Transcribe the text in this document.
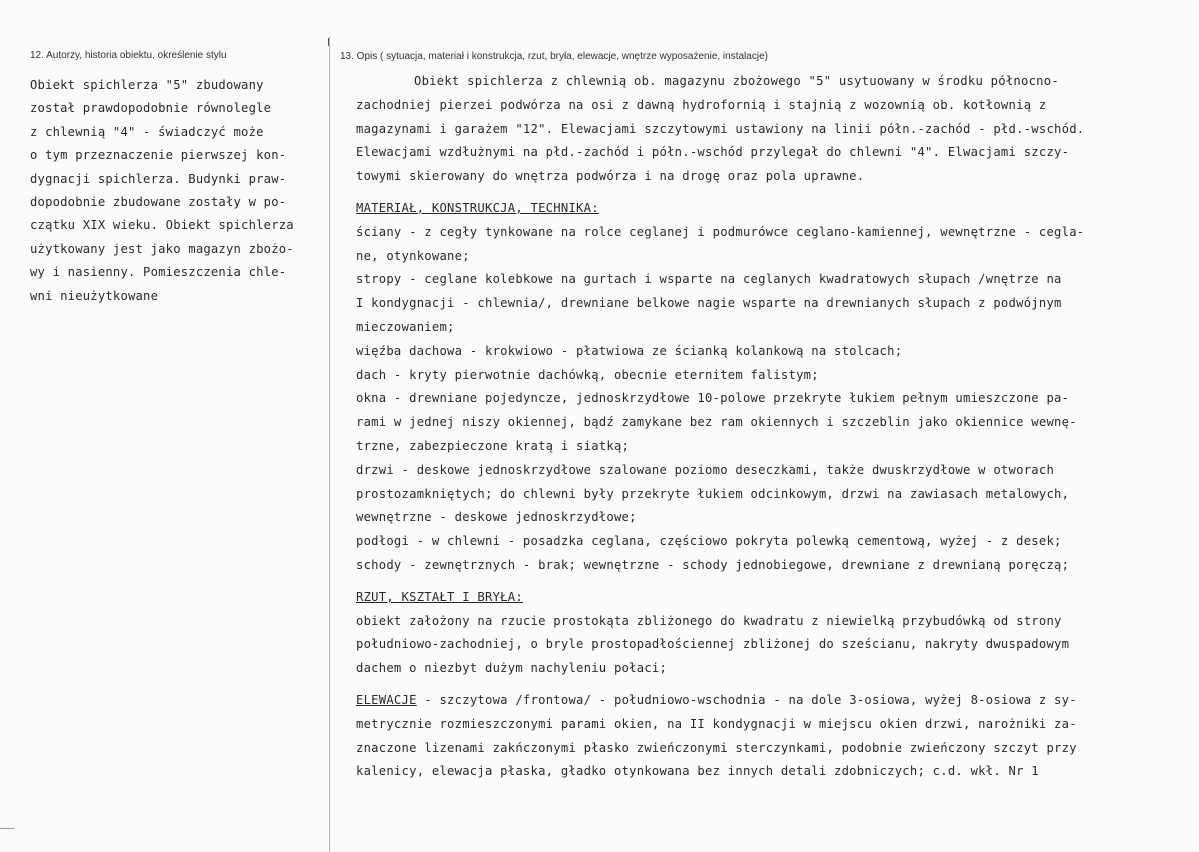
12. Autorzy, historia obiektu, określenie stylu	13. Opis ( sytuacja, materiał i konstrukcja, rzut, bryła, elewacje, wnętrze wyposażenie, instalacje)
Obiekt spichlerza "5" zbudowany
został prawdopodobnie równolegle
z chlewnią "4" - świadczyć może
o tym przeznaczenie pierwszej kon-
dygnacji spichlerza. Budynki praw-
dopodobnie zbudowane zostały w po-
czątku XIX wieku. Obiekt spichlerza
użytkowany jest jako magazyn zbożo-
wy i nasienny. Pomieszczenia chle-
wni nieużytkowane
Obiekt spichlerza z chlewnią ob. magazynu zbożowego "5" usytuowany w środku północno-
zachodniej pierzei podwórza na osi z dawną hydrofornią i stajnią z wozownią ob. kotłownią z
magazynami i garażem "12". Elewacjami szczytowymi ustawiony na linii półn.-zachód - płd.-wschód.
Elewacjami wzdłużnymi na płd.-zachód i półn.-wschód przylegał do chlewni "4". Elwacjami szczy-
towymi skierowany do wnętrza podwórza i na drogę oraz pola uprawne.
MATERIAŁ, KONSTRUKCJA, TECHNIKA:
ściany - z cegły tynkowane na rolce ceglanej i podmurówce ceglano-kamiennej, wewnętrzne - cegla-
ne, otynkowane;
stropy - ceglane kolebkowe na gurtach i wsparte na ceglanych kwadratowych słupach /wnętrze na
I kondygnacji - chlewnia/, drewniane belkowe nagie wsparte na drewnianych słupach z podwójnym
mieczowaniem;
więźba dachowa - krokwiowo - płatwiowa ze ścianką kolankową na stolcach;
dach - kryty pierwotnie dachówką, obecnie eternitem falistym;
okna - drewniane pojedyncze, jednoskrzydłowe 10-polowe przekryte łukiem pełnym umieszczone pa-
rami w jednej niszy okiennej, bądź zamykane bez ram okiennych i szczeblin jako okiennice wewnę-
trzne, zabezpieczone kratą i siatką;
drzwi - deskowe jednoskrzydłowe szalowane poziomo deseczkami, także dwuskrzydłowe w otworach
prostozamkniętych; do chlewni były przekryte łukiem odcinkowym, drzwi na zawiasach metalowych,
wewnętrzne - deskowe jednoskrzydłowe;
podłogi - w chlewni - posadzka ceglana, częściowo pokryta polewką cementową, wyżej - z desek;
schody - zewnętrznych - brak; wewnętrzne - schody jednobiegowe, drewniane z drewnianą poręczą;
RZUT, KSZTAŁT I BRYŁA:
obiekt założony na rzucie prostokąta zbliżonego do kwadratu z niewielką przybudówką od strony
południowo-zachodniej, o bryle prostopadłościennej zbliżonej do sześcianu, nakryty dwuspadowym
dachem o niezbyt dużym nachyleniu połaci;
ELEWACJE - szczytowa /frontowa/ - południowo-wschodnia - na dole 3-osiowa, wyżej 8-osiowa z sy-
metrycznie rozmieszczonymi parami okien, na II kondygnacji w miejscu okien drzwi, narożniki za-
znaczone lizenami zakńczonymi płasko zwieńczonymi sterczynkami, podobnie zwieńczony szczyt przy
kalenicy, elewacja płaska, gładko otynkowana bez innych detali zdobniczych; c.d. wkł. Nr 1
